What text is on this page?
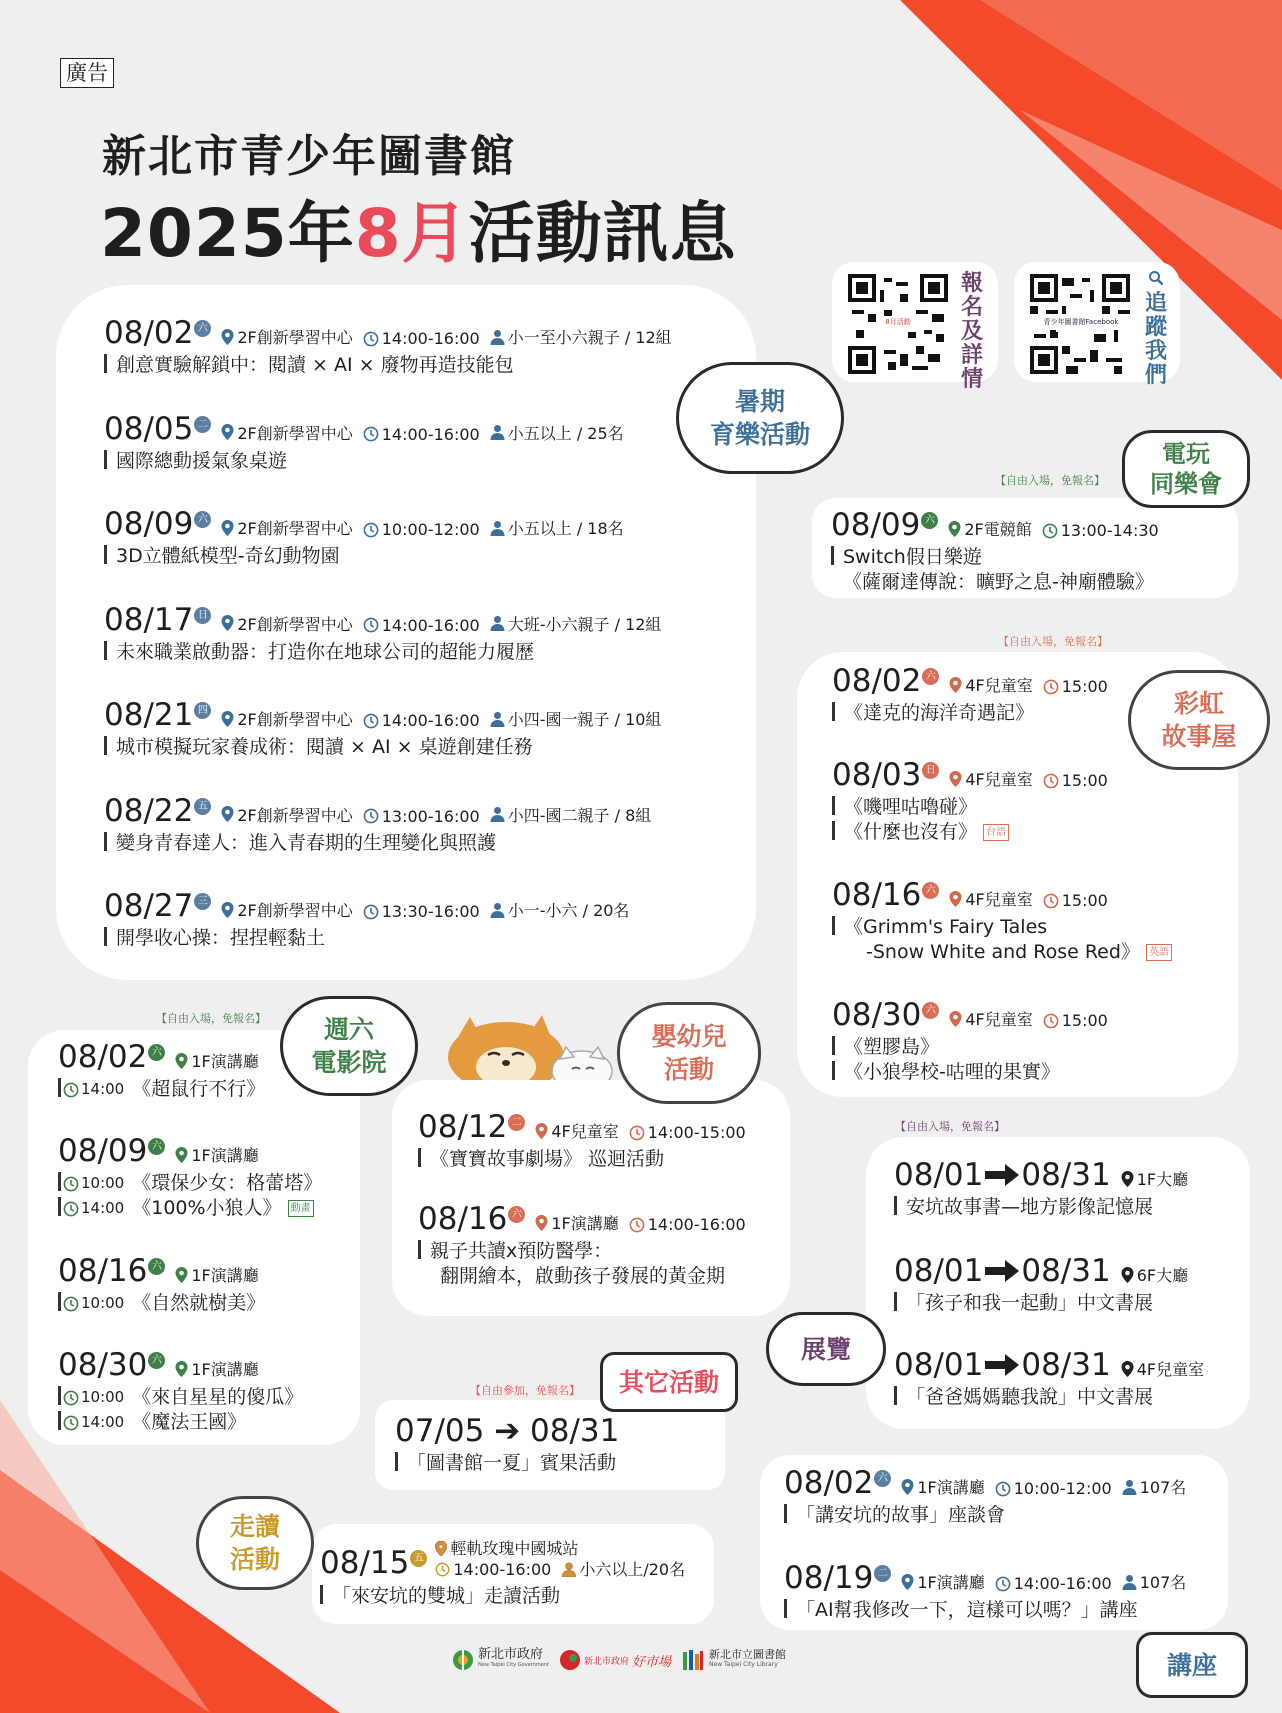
廣告
新北市青少年圖書館
2025年8月活動訊息
8月活動
報名及詳情
青少年圖書館Facebook
追蹤我們
08/02 六 2F創新學習中心 14:00-16:00 小一至小六親子 / 12組
創意實驗解鎖中：閱讀 × AI × 廢物再造技能包
08/05 二 2F創新學習中心 14:00-16:00 小五以上 / 25名
國際總動援氣象桌遊
08/09 六 2F創新學習中心 10:00-12:00 小五以上 / 18名
3D立體紙模型-奇幻動物園
08/17 日 2F創新學習中心 14:00-16:00 大班-小六親子 / 12組
未來職業啟動器：打造你在地球公司的超能力履歷
08/21 四 2F創新學習中心 14:00-16:00 小四-國一親子 / 10組
城市模擬玩家養成術：閱讀 × AI × 桌遊創建任務
08/22 五 2F創新學習中心 13:00-16:00 小四-國二親子 / 8組
變身青春達人：進入青春期的生理變化與照護
08/27 三 2F創新學習中心 13:30-16:00 小一-小六 / 20名
開學收心操：捏捏輕黏土
暑期
育樂活動
【自由入場，免報名】
08/09 六 2F電競館 13:00-14:30
Switch假日樂遊
《薩爾達傳說：曠野之息-神廟體驗》
電玩
同樂會
【自由入場，免報名】
08/02 六 4F兒童室 15:00
《達克的海洋奇遇記》
08/03 日 4F兒童室 15:00
《嘰哩咕嚕碰》
《什麼也沒有》 台語
08/16 六 4F兒童室 15:00
《Grimm's Fairy Tales
-Snow White and Rose Red》 英語
08/30 六 4F兒童室 15:00
《塑膠島》
《小狼學校-咕哩的果實》
彩虹
故事屋
【自由入場，免報名】
08/02 六 1F演講廳
14:00 《超鼠行不行》
08/09 六 1F演講廳
10:00 《環保少女：格蕾塔》
14:00 《100%小狼人》 動畫
08/16 六 1F演講廳
10:00 《自然就樹美》
08/30 六 1F演講廳
10:00 《來自星星的傻瓜》
14:00 《魔法王國》
週六
電影院
08/12 二 4F兒童室 14:00-15:00
《寶寶故事劇場》 巡迴活動
08/16 六 1F演講廳 14:00-16:00
親子共讀x預防醫學：
翻開繪本，啟動孩子發展的黃金期
嬰幼兒
活動
【自由入場，免報名】
08/01 08/31 1F大廳
安坑故事書—地方影像記憶展
08/01 08/31 6F大廳
「孩子和我一起動」中文書展
08/01 08/31 4F兒童室
「爸爸媽媽聽我說」中文書展
展覽
【自由參加，免報名】
07/05 ➔ 08/31
「圖書館一夏」賓果活動
其它活動
08/15 五
輕軌玫瑰中國城站
14:00-16:00 小六以上/20名
「來安坑的雙城」走讀活動
走讀
活動
08/02 六 1F演講廳 10:00-12:00 107名
「講安坑的故事」座談會
08/19 二 1F演講廳 14:00-16:00 107名
「AI幫我修改一下，這樣可以嗎？」講座
講座
新北市政府
New Taipei City Government	新北市政府 好市場	新北市立圖書館
New Taipei City Library
